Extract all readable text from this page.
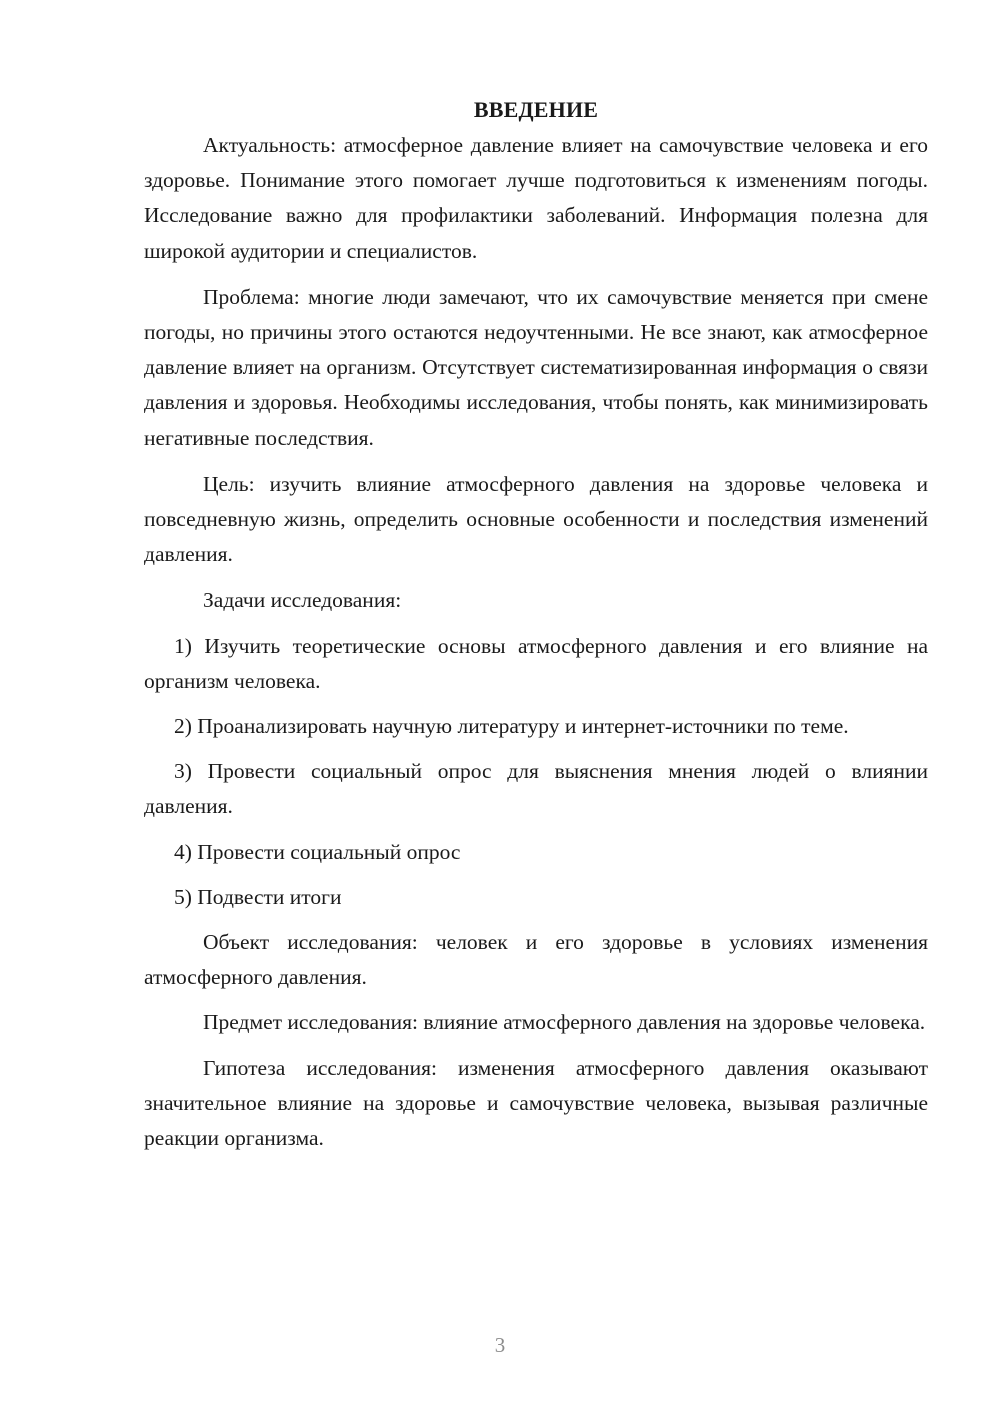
ВВЕДЕНИЕ

Актуальность: атмосферное давление влияет на самочувствие человека и его здоровье. Понимание этого помогает лучше подготовиться к изменениям погоды. Исследование важно для профилактики заболеваний. Информация полезна для широкой аудитории и специалистов.

Проблема: многие люди замечают, что их самочувствие меняется при смене погоды, но причины этого остаются недоучтенными. Не все знают, как атмосферное давление влияет на организм. Отсутствует систематизированная информация о связи давления и здоровья. Необходимы исследования, чтобы понять, как минимизировать негативные последствия.

Цель: изучить влияние атмосферного давления на здоровье человека и повседневную жизнь, определить основные особенности и последствия изменений давления.

Задачи исследования:

1) Изучить теоретические основы атмосферного давления и его влияние на организм человека.

2) Проанализировать научную литературу и интернет-источники по теме.

3) Провести социальный опрос для выяснения мнения людей о влиянии давления.

4) Провести социальный опрос

5) Подвести итоги

Объект исследования: человек и его здоровье в условиях изменения атмосферного давления.

Предмет исследования: влияние атмосферного давления на здоровье человека.

Гипотеза исследования: изменения атмосферного давления оказывают значительное влияние на здоровье и самочувствие человека, вызывая различные реакции организма.

3
